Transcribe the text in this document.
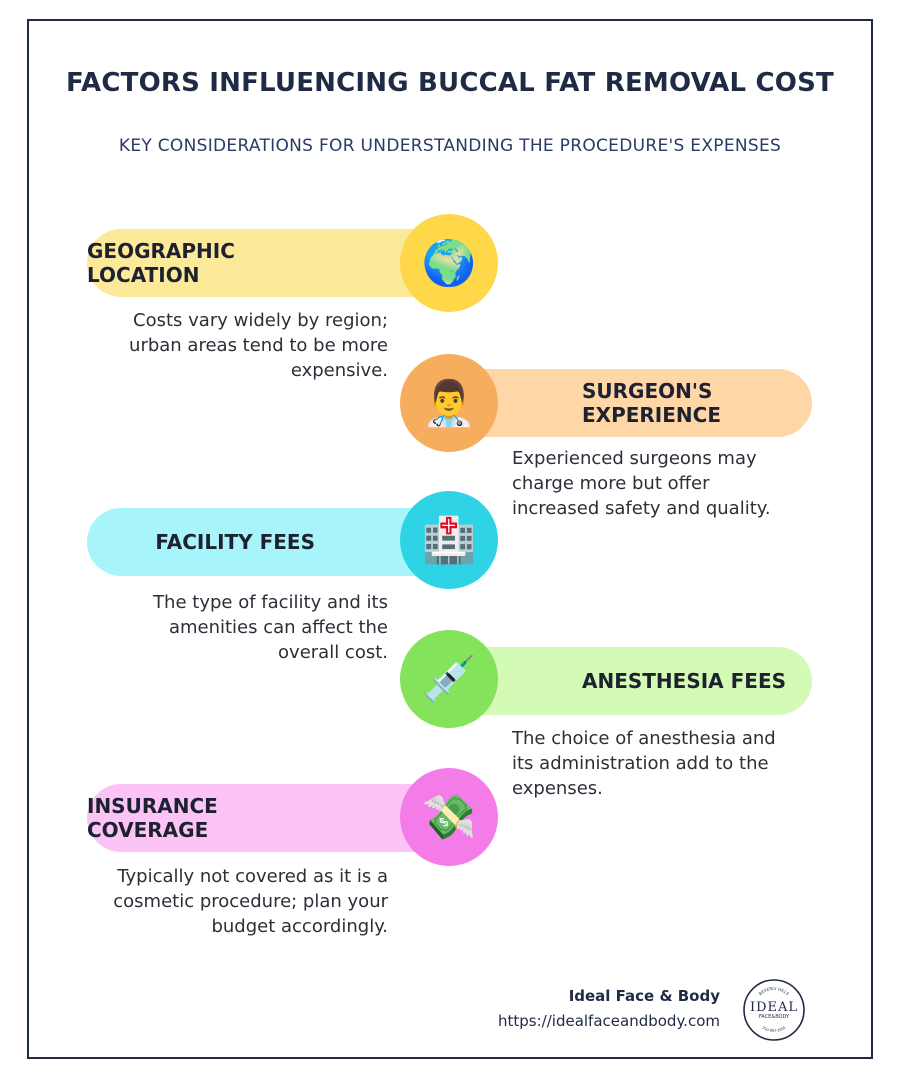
FACTORS INFLUENCING BUCCAL FAT REMOVAL COST

KEY CONSIDERATIONS FOR UNDERSTANDING THE PROCEDURE'S EXPENSES

GEOGRAPHIC LOCATION	🌍
Costs vary widely by region; urban areas tend to be more expensive.
SURGEON'S EXPERIENCE
👨‍⚕️
Experienced surgeons may charge more but offer increased safety and quality.
FACILITY FEES 🏥
The type of facility and its amenities can affect the overall cost.
ANESTHESIA FEES
💉
The choice of anesthesia and its administration add to the expenses.
INSURANCE COVERAGE	💸
Typically not covered as it is a cosmetic procedure; plan your budget accordingly.
Ideal Face & Body
https://idealfaceandbody.com
BEVERLY HILLS
IDEAL
FACE&BODY
310-997-3555
